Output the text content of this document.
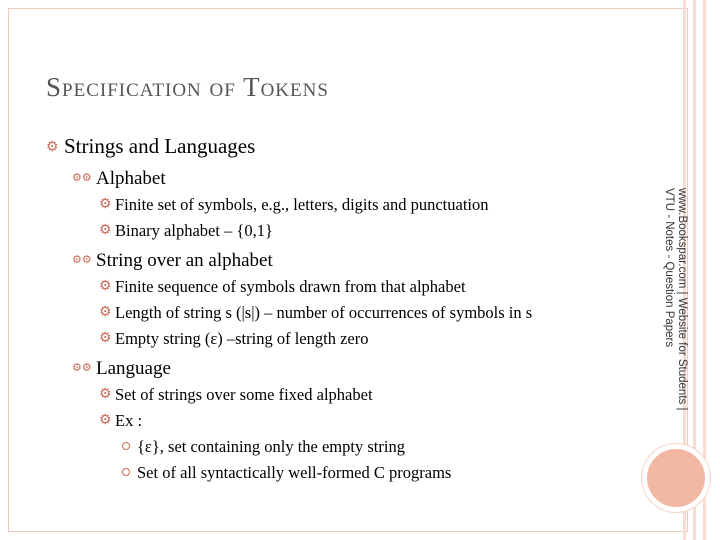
SPECIFICATION OF TOKENS
⚙ Strings and Languages
⚙⚙ Alphabet
⚙ Finite set of symbols, e.g., letters, digits and punctuation
⚙ Binary alphabet – {0,1}
⚙⚙ String over an alphabet
⚙ Finite sequence of symbols drawn from that alphabet
⚙ Length of string s (|s|) – number of occurrences of symbols in s
⚙ Empty string (ε) –string of length zero
⚙⚙ Language
⚙ Set of strings over some fixed alphabet
⚙ Ex :
{ε}, set containing only the empty string
Set of all syntactically well-formed C programs
www.Bookspar.com | Website for Students |
VTU - Notes - Question Papers
